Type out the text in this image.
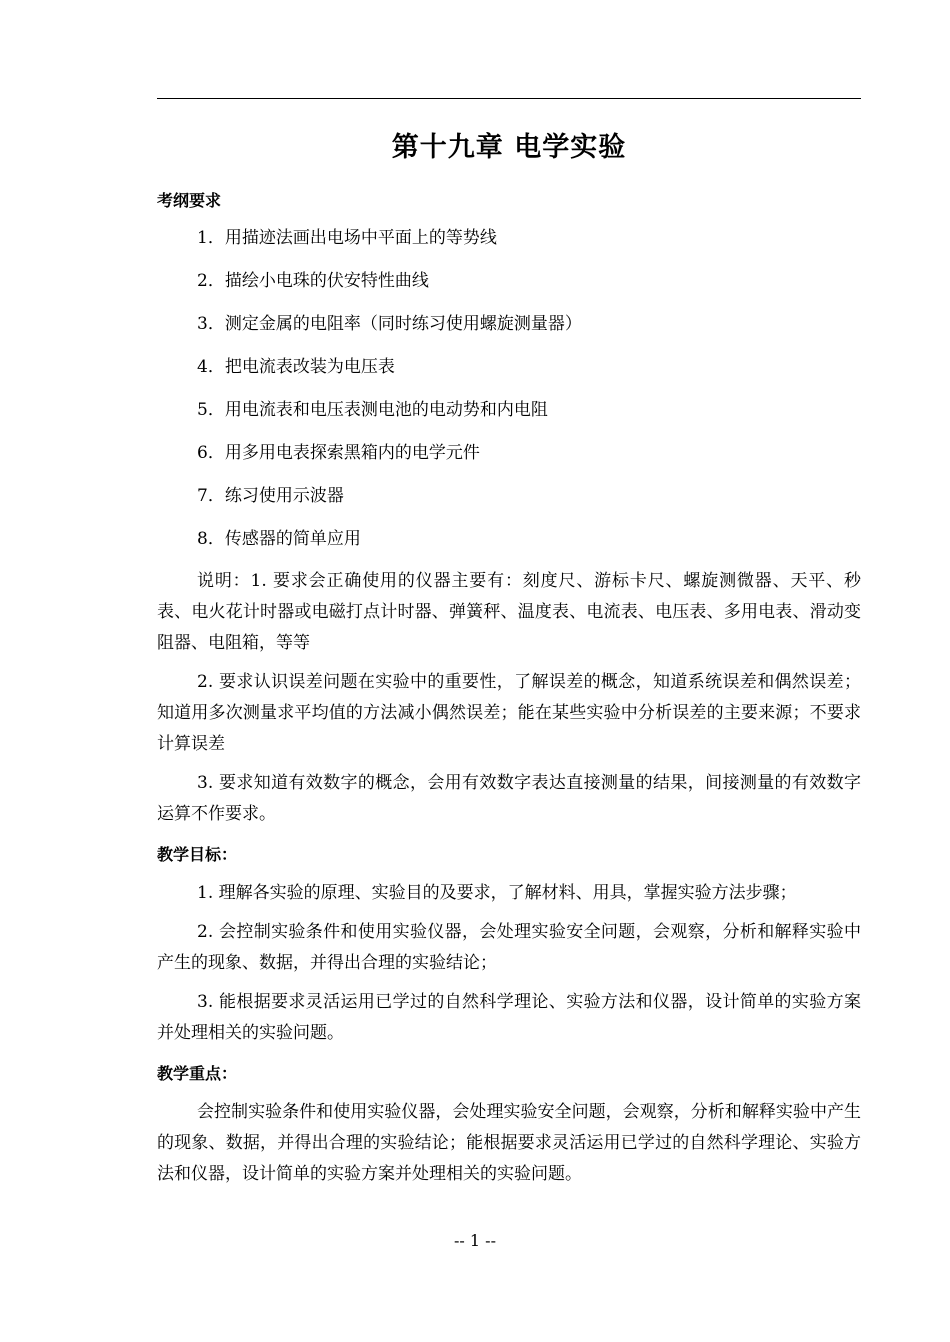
第十九章 电学实验

考纲要求

1．用描迹法画出电场中平面上的等势线
2．描绘小电珠的伏安特性曲线
3．测定金属的电阻率（同时练习使用螺旋测量器）
4．把电流表改装为电压表
5．用电流表和电压表测电池的电动势和内电阻
6．用多用电表探索黑箱内的电学元件
7．练习使用示波器
8．传感器的简单应用

说明：1. 要求会正确使用的仪器主要有：刻度尺、游标卡尺、螺旋测微器、天平、秒表、电火花计时器或电磁打点计时器、弹簧秤、温度表、电流表、电压表、多用电表、滑动变阻器、电阻箱，等等

2. 要求认识误差问题在实验中的重要性，了解误差的概念，知道系统误差和偶然误差；知道用多次测量求平均值的方法减小偶然误差；能在某些实验中分析误差的主要来源；不要求计算误差

3. 要求知道有效数字的概念，会用有效数字表达直接测量的结果，间接测量的有效数字运算不作要求。

教学目标：

1. 理解各实验的原理、实验目的及要求，了解材料、用具，掌握实验方法步骤；

2. 会控制实验条件和使用实验仪器，会处理实验安全问题，会观察，分析和解释实验中产生的现象、数据，并得出合理的实验结论；

3. 能根据要求灵活运用已学过的自然科学理论、实验方法和仪器，设计简单的实验方案并处理相关的实验问题。

教学重点：

会控制实验条件和使用实验仪器，会处理实验安全问题，会观察，分析和解释实验中产生的现象、数据，并得出合理的实验结论；能根据要求灵活运用已学过的自然科学理论、实验方法和仪器，设计简单的实验方案并处理相关的实验问题。

-- 1 --
